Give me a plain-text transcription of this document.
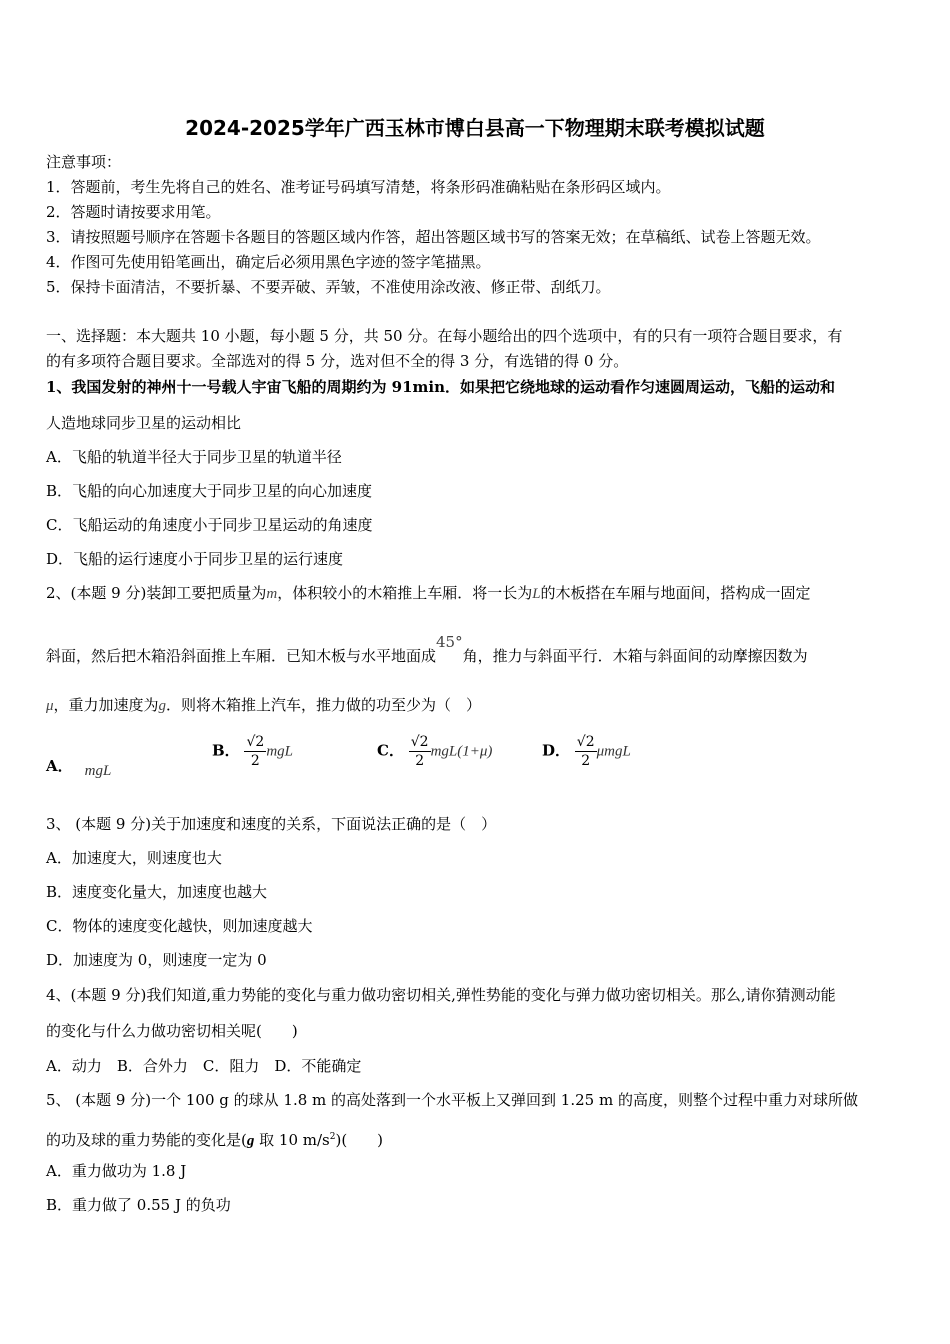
2024-2025学年广西玉林市博白县高一下物理期末联考模拟试题
注意事项：
1．答题前，考生先将自己的姓名、准考证号码填写清楚，将条形码准确粘贴在条形码区域内。
2．答题时请按要求用笔。
3．请按照题号顺序在答题卡各题目的答题区域内作答，超出答题区域书写的答案无效；在草稿纸、试卷上答题无效。
4．作图可先使用铅笔画出，确定后必须用黑色字迹的签字笔描黑。
5．保持卡面清洁，不要折暴、不要弄破、弄皱，不准使用涂改液、修正带、刮纸刀。
一、选择题：本大题共 10 小题，每小题 5 分，共 50 分。在每小题给出的四个选项中，有的只有一项符合题目要求，有
的有多项符合题目要求。全部选对的得 5 分，选对但不全的得 3 分，有选错的得 0 分。
1、我国发射的神州十一号载人宇宙飞船的周期约为 91min．如果把它绕地球的运动看作匀速圆周运动，飞船的运动和
人造地球同步卫星的运动相比
A．飞船的轨道半径大于同步卫星的轨道半径
B．飞船的向心加速度大于同步卫星的向心加速度
C．飞船运动的角速度小于同步卫星运动的角速度
D．飞船的运行速度小于同步卫星的运行速度
2、(本题 9 分)装卸工要把质量为m，体积较小的木箱推上车厢．将一长为L的木板搭在车厢与地面间，搭构成一固定
斜面，然后把木箱沿斜面推上车厢．已知木板与水平地面成45°角，推力与斜面平行．木箱与斜面间的动摩擦因数为
μ，重力加速度为g．则将木箱推上汽车，推力做的功至少为（　）
A． mgL
B． $\frac{√2}{2}$ mgL	C． $\frac{√2}{2} mgL(1+\mu)$	D． $\frac{√2}{2}$ μmgL
3、 (本题 9 分)关于加速度和速度的关系，下面说法正确的是（　）
A．加速度大，则速度也大
B．速度变化量大，加速度也越大
C．物体的速度变化越快，则加速度越大
D．加速度为 0，则速度一定为 0
4、(本题 9 分)我们知道,重力势能的变化与重力做功密切相关,弹性势能的变化与弹力做功密切相关。那么,请你猜测动能
的变化与什么力做功密切相关呢(　　)
A．动力　B．合外力　C．阻力　D．不能确定
5、 (本题 9 分)一个 100 g 的球从 1.8 m 的高处落到一个水平板上又弹回到 1.25 m 的高度，则整个过程中重力对球所做
的功及球的重力势能的变化是(g 取 10 $m/s^2$)(　　)
A．重力做功为 1.8 J
B．重力做了 0.55 J 的负功
